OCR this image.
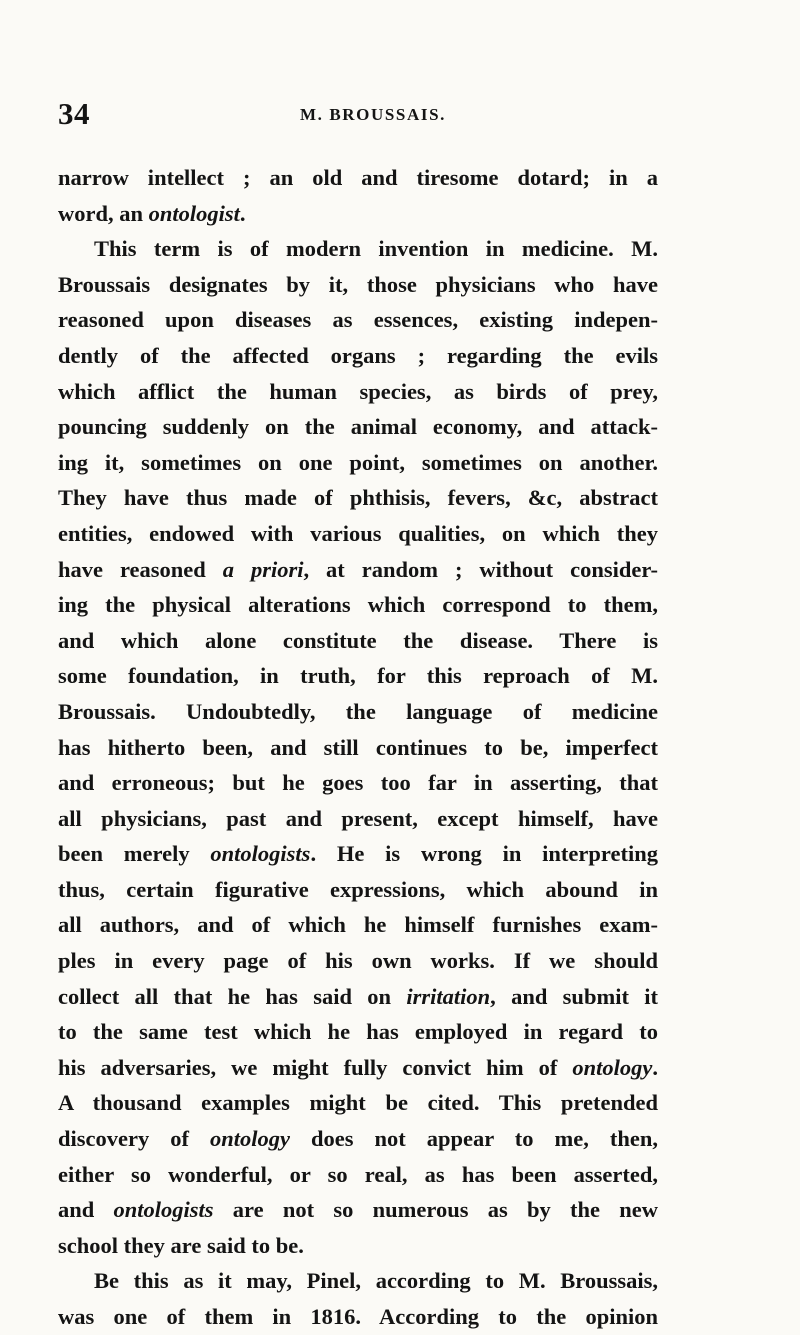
34	M. BROUSSAIS.
narrow intellect ; an old and tiresome dotard; in a
word, an ontologist.
This term is of modern invention in medicine. M.
Broussais designates by it, those physicians who have
reasoned upon diseases as essences, existing indepen-
dently of the affected organs ; regarding the evils
which afflict the human species, as birds of prey,
pouncing suddenly on the animal economy, and attack-
ing it, sometimes on one point, sometimes on another.
They have thus made of phthisis, fevers, &c, abstract
entities, endowed with various qualities, on which they
have reasoned a priori, at random ; without consider-
ing the physical alterations which correspond to them,
and which alone constitute the disease. There is
some foundation, in truth, for this reproach of M.
Broussais. Undoubtedly, the language of medicine
has hitherto been, and still continues to be, imperfect
and erroneous; but he goes too far in asserting, that
all physicians, past and present, except himself, have
been merely ontologists. He is wrong in interpreting
thus, certain figurative expressions, which abound in
all authors, and of which he himself furnishes exam-
ples in every page of his own works. If we should
collect all that he has said on irritation, and submit it
to the same test which he has employed in regard to
his adversaries, we might fully convict him of ontology.
A thousand examples might be cited. This pretended
discovery of ontology does not appear to me, then,
either so wonderful, or so real, as has been asserted,
and ontologists are not so numerous as by the new
school they are said to be.
Be this as it may, Pinel, according to M. Broussais,
was one of them in 1816. According to the opinion
